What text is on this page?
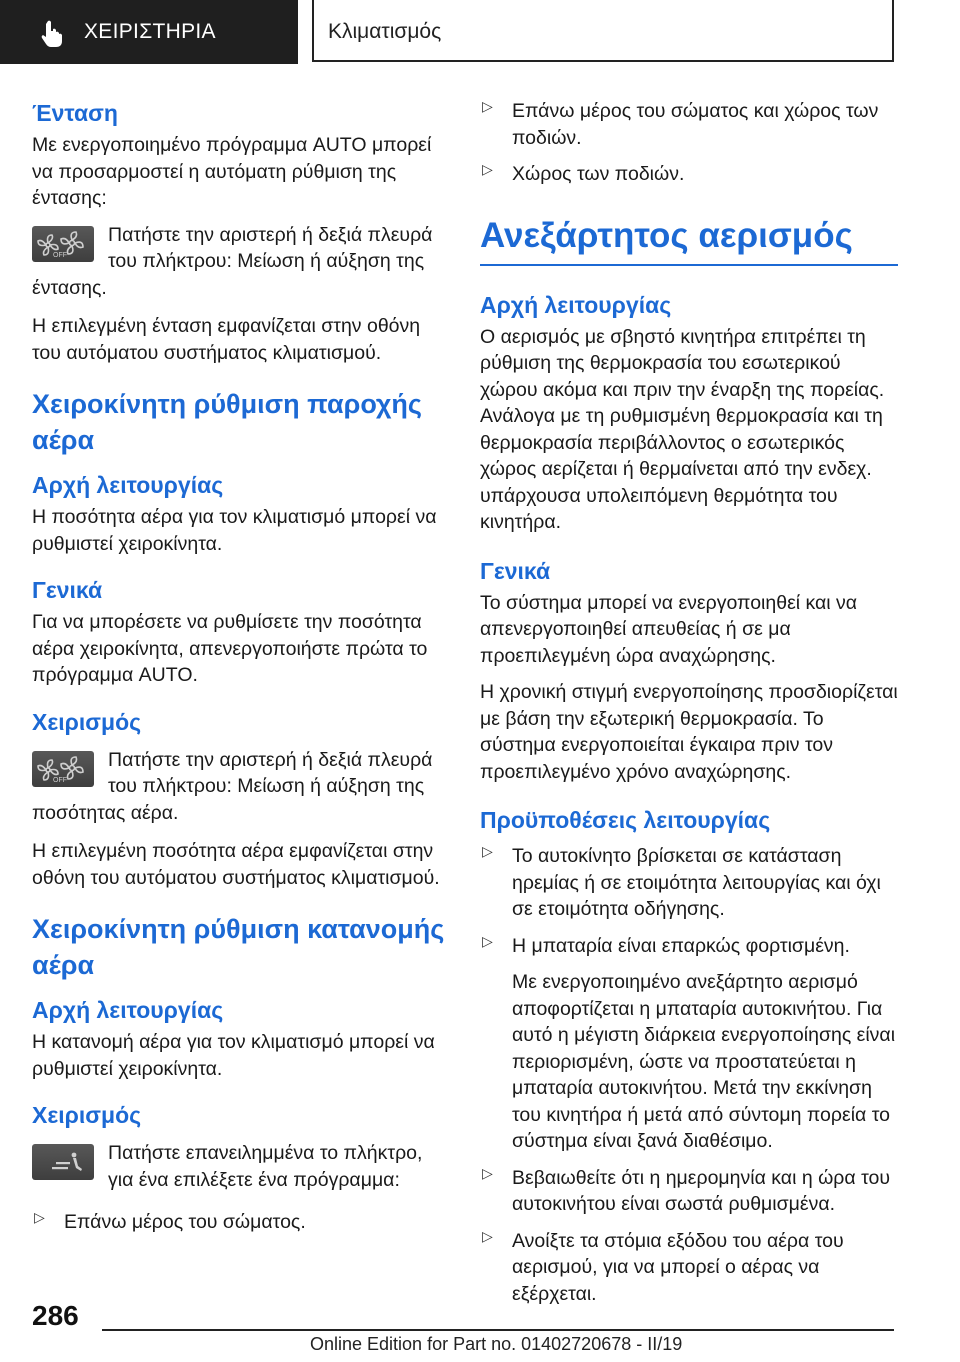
ΧΕΙΡΙΣΤΗΡΙΑ	Κλιματισμός
Ένταση

Με ενεργοποιημένο πρόγραμμα AUTO μπορεί να προσαρμοστεί η αυτόματη ρύθμιση της έντασης:

OFF

Πατήστε την αριστερή ή δεξιά πλευρά του πλήκτρου: Μείωση ή αύξηση της έντασης.

Η επιλεγμένη ένταση εμφανίζεται στην οθόνη του αυτόματου συστήματος κλιματισμού.

Χειροκίνητη ρύθμιση παροχής αέρα
Αρχή λειτουργίας

Η ποσότητα αέρα για τον κλιματισμό μπορεί να ρυθμιστεί χειροκίνητα.

Γενικά

Για να μπορέσετε να ρυθμίσετε την ποσότητα αέρα χειροκίνητα, απενεργοποιήστε πρώτα το πρόγραμμα AUTO.

Χειρισμός
OFF

Πατήστε την αριστερή ή δεξιά πλευρά του πλήκτρου: Μείωση ή αύξηση της ποσότητας αέρα.

Η επιλεγμένη ποσότητα αέρα εμφανίζεται στην οθόνη του αυτόματου συστήματος κλιματισμού.

Χειροκίνητη ρύθμιση κατανομής αέρα
Αρχή λειτουργίας

Η κατανομή αέρα για τον κλιματισμό μπορεί να ρυθμιστεί χειροκίνητα.

Χειρισμός

Πατήστε επανειλημμένα το πλήκτρο, για ένα επιλέξετε ένα πρόγραμμα:

▷ Επάνω μέρος του σώματος.

▷ Επάνω μέρος του σώματος και χώρος των ποδιών.

▷ Χώρος των ποδιών.

Ανεξάρτητος αερισμός
Αρχή λειτουργίας

Ο αερισμός με σβηστό κινητήρα επιτρέπει τη ρύθμιση της θερμοκρασία του εσωτερικού χώρου ακόμα και πριν την έναρξη της πορείας. Ανάλογα με τη ρυθμισμένη θερμοκρασία και τη θερμοκρασία περιβάλλοντος ο εσωτερικός χώρος αερίζεται ή θερμαίνεται από την ενδεχ. υπάρχουσα υπολειπόμενη θερμότητα του κινητήρα.

Γενικά

Το σύστημα μπορεί να ενεργοποιηθεί και να απενεργοποιηθεί απευθείας ή σε μα προεπιλεγμένη ώρα αναχώρησης.

Η χρονική στιγμή ενεργοποίησης προσδιορίζεται με βάση την εξωτερική θερμοκρασία. Το σύστημα ενεργοποιείται έγκαιρα πριν τον προεπιλεγμένο χρόνο αναχώρησης.

Προϋποθέσεις λειτουργίας
▷ Το αυτοκίνητο βρίσκεται σε κατάσταση ηρεμίας ή σε ετοιμότητα λειτουργίας και όχι σε ετοιμότητα οδήγησης.

▷ Η μπαταρία είναι επαρκώς φορτισμένη.

Με ενεργοποιημένο ανεξάρτητο αερισμό αποφορτίζεται η μπαταρία αυτοκινήτου. Για αυτό η μέγιστη διάρκεια ενεργοποίησης είναι περιορισμένη, ώστε να προστατεύεται η μπαταρία αυτοκινήτου. Μετά την εκκίνηση του κινητήρα ή μετά από σύντομη πορεία το σύστημα είναι ξανά διαθέσιμο.

▷ Βεβαιωθείτε ότι η ημερομηνία και η ώρα του αυτοκινήτου είναι σωστά ρυθμισμένα.

▷ Ανοίξτε τα στόμια εξόδου του αέρα του αερισμού, για να μπορεί ο αέρας να εξέρχεται.

286
Online Edition for Part no. 01402720678 - II/19
